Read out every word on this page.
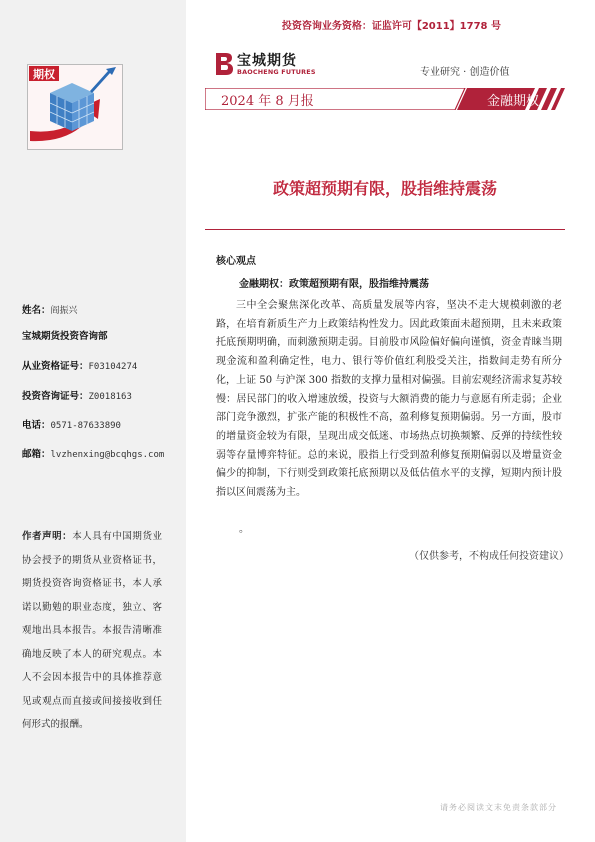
期权
姓名：阎振兴
宝城期货投资咨询部
从业资格证号：F03104274
投资咨询证号：Z0018163
电话：0571-87633890
邮箱：lvzhenxing@bcqhgs.com
作者声明：本人具有中国期货业协会授予的期货从业资格证书，期货投资咨询资格证书，本人承诺以勤勉的职业态度，独立、客观地出具本报告。本报告清晰准确地反映了本人的研究观点。本人不会因本报告中的具体推荐意见或观点而直接或间接接收到任何形式的报酬。
投资咨询业务资格：证监许可【2011】1778 号
宝城期货
BAOCHENG FUTURES	专业研究 · 创造价值
2024 年 8 月报	金融期权
政策超预期有限，股指维持震荡
核心观点
金融期权：政策超预期有限，股指维持震荡
三中全会聚焦深化改革、高质量发展等内容，坚决不走大规模刺激的老路，在培育新质生产力上政策结构性发力。因此政策面未超预期，且未来政策托底预期明确，而刺激预期走弱。目前股市风险偏好偏向谨慎，资金青睐当期现金流和盈利确定性，电力、银行等价值红利股受关注，指数间走势有所分化，上证 50 与沪深 300 指数的支撑力量相对偏强。目前宏观经济需求复苏较慢：居民部门的收入增速放缓，投资与大额消费的能力与意愿有所走弱；企业部门竞争激烈，扩张产能的积极性不高，盈利修复预期偏弱。另一方面，股市的增量资金较为有限，呈现出成交低迷、市场热点切换频繁、反弹的持续性较弱等存量博弈特征。总的来说，股指上行受到盈利修复预期偏弱以及增量资金偏少的抑制，下行则受到政策托底预期以及低估值水平的支撑，短期内预计股指以区间震荡为主。
。
（仅供参考，不构成任何投资建议）
请务必阅读文末免责条款部分
